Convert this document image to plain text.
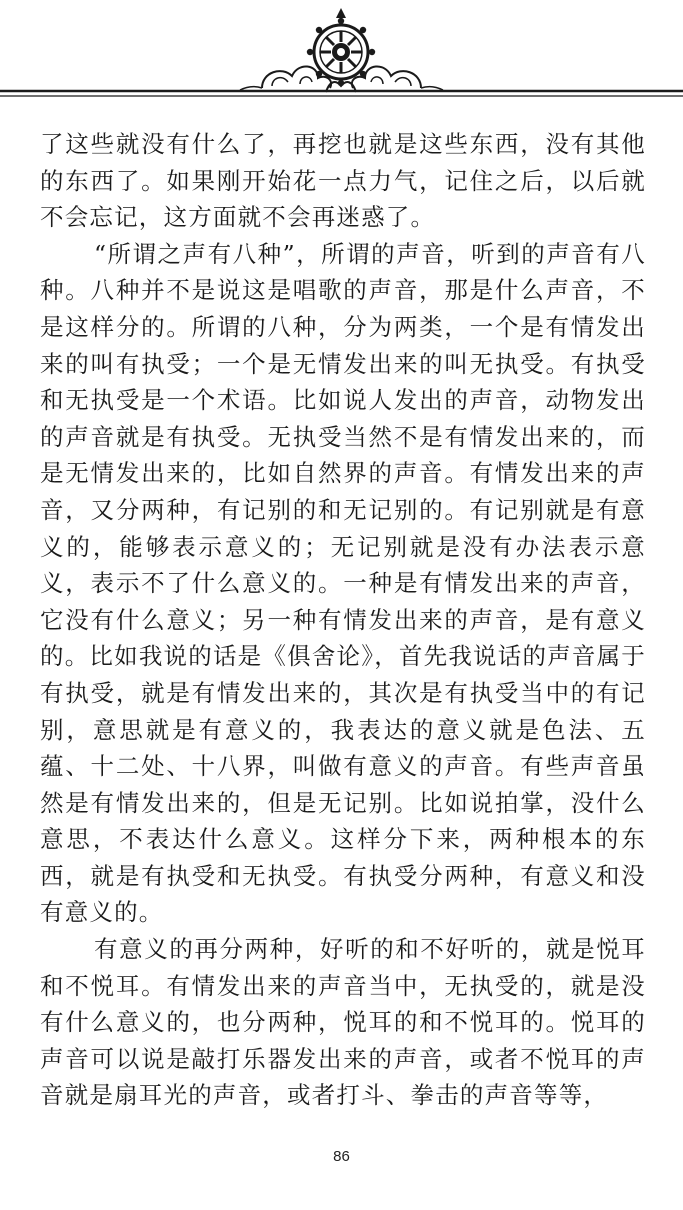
了这些就没有什么了，再挖也就是这些东西，没有其他的东西了。如果刚开始花一点力气，记住之后，以后就不会忘记，这方面就不会再迷惑了。

“所谓之声有八种”，所谓的声音，听到的声音有八种。八种并不是说这是唱歌的声音，那是什么声音，不是这样分的。所谓的八种，分为两类，一个是有情发出来的叫有执受；一个是无情发出来的叫无执受。有执受和无执受是一个术语。比如说人发出的声音，动物发出的声音就是有执受。无执受当然不是有情发出来的，而是无情发出来的，比如自然界的声音。有情发出来的声音，又分两种，有记别的和无记别的。有记别就是有意义的，能够表示意义的；无记别就是没有办法表示意义，表示不了什么意义的。一种是有情发出来的声音，它没有什么意义；另一种有情发出来的声音，是有意义的。比如我说的话是《俱舍论》，首先我说话的声音属于有执受，就是有情发出来的，其次是有执受当中的有记别，意思就是有意义的，我表达的意义就是色法、五蕴、十二处、十八界，叫做有意义的声音。有些声音虽然是有情发出来的，但是无记别。比如说拍掌，没什么意思，不表达什么意义。这样分下来，两种根本的东西，就是有执受和无执受。有执受分两种，有意义和没有意义的。

有意义的再分两种，好听的和不好听的，就是悦耳和不悦耳。有情发出来的声音当中，无执受的，就是没有什么意义的，也分两种，悦耳的和不悦耳的。悦耳的声音可以说是敲打乐器发出来的声音，或者不悦耳的声音就是扇耳光的声音，或者打斗、拳击的声音等等，

86
